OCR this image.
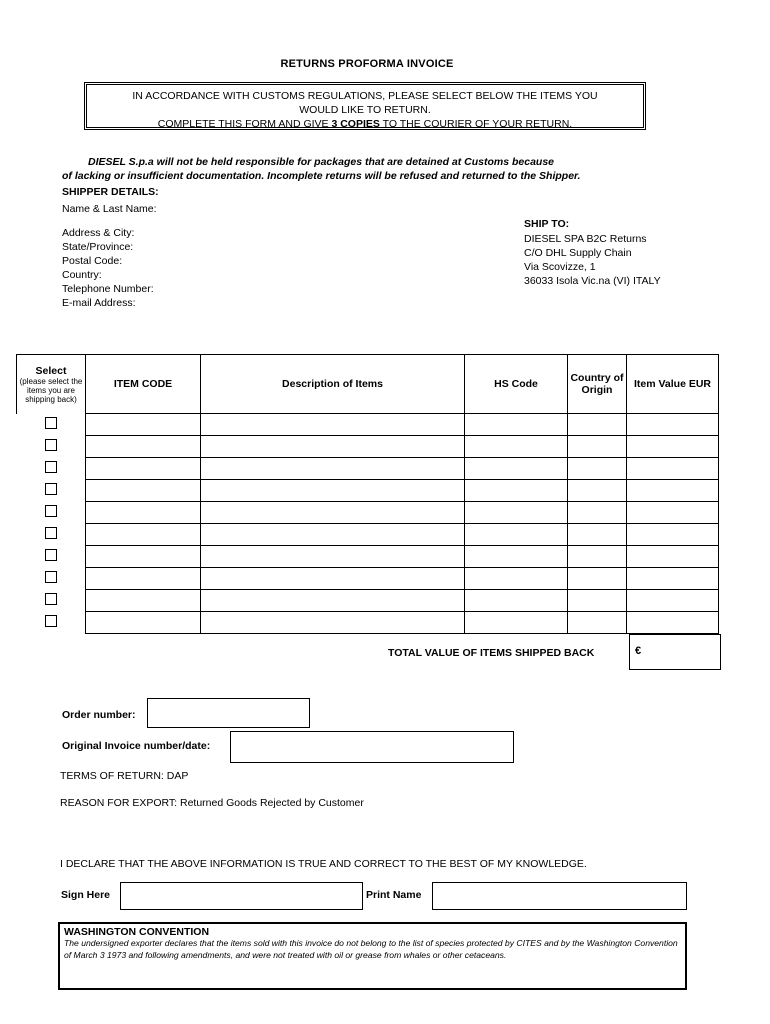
RETURNS PROFORMA INVOICE
IN ACCORDANCE WITH CUSTOMS REGULATIONS, PLEASE SELECT BELOW THE ITEMS YOU
WOULD LIKE TO RETURN.
COMPLETE THIS FORM AND GIVE 3 COPIES TO THE COURIER OF YOUR RETURN.
DIESEL S.p.a will not be held responsible for packages that are detained at Customs because
of lacking or insufficient documentation. Incomplete returns will be refused and returned to the Shipper.
SHIPPER DETAILS:
Name & Last Name:
Address & City:
State/Province:
Postal Code:
Country:
Telephone Number:
E-mail Address:
SHIP TO:
DIESEL SPA B2C Returns
C/O DHL Supply Chain
Via Scovizze, 1
36033 Isola Vic.na (VI) ITALY
Select
(please select the items you are shipping back)	ITEM CODE	Description of Items	HS Code	Country of Origin	Item Value EUR

TOTAL VALUE OF ITEMS SHIPPED BACK	€
Order number:
Original Invoice number/date:
TERMS OF RETURN: DAP
REASON FOR EXPORT: Returned Goods Rejected by Customer
I DECLARE THAT THE ABOVE INFORMATION IS TRUE AND CORRECT TO THE BEST OF MY KNOWLEDGE.
Sign Here	Print Name
WASHINGTON CONVENTION
The undersigned exporter declares that the items sold with this invoice do not belong to the list of species protected by CITES and by the Washington Convention of March 3 1973 and following amendments, and were not treated with oil or grease from whales or other cetaceans.
